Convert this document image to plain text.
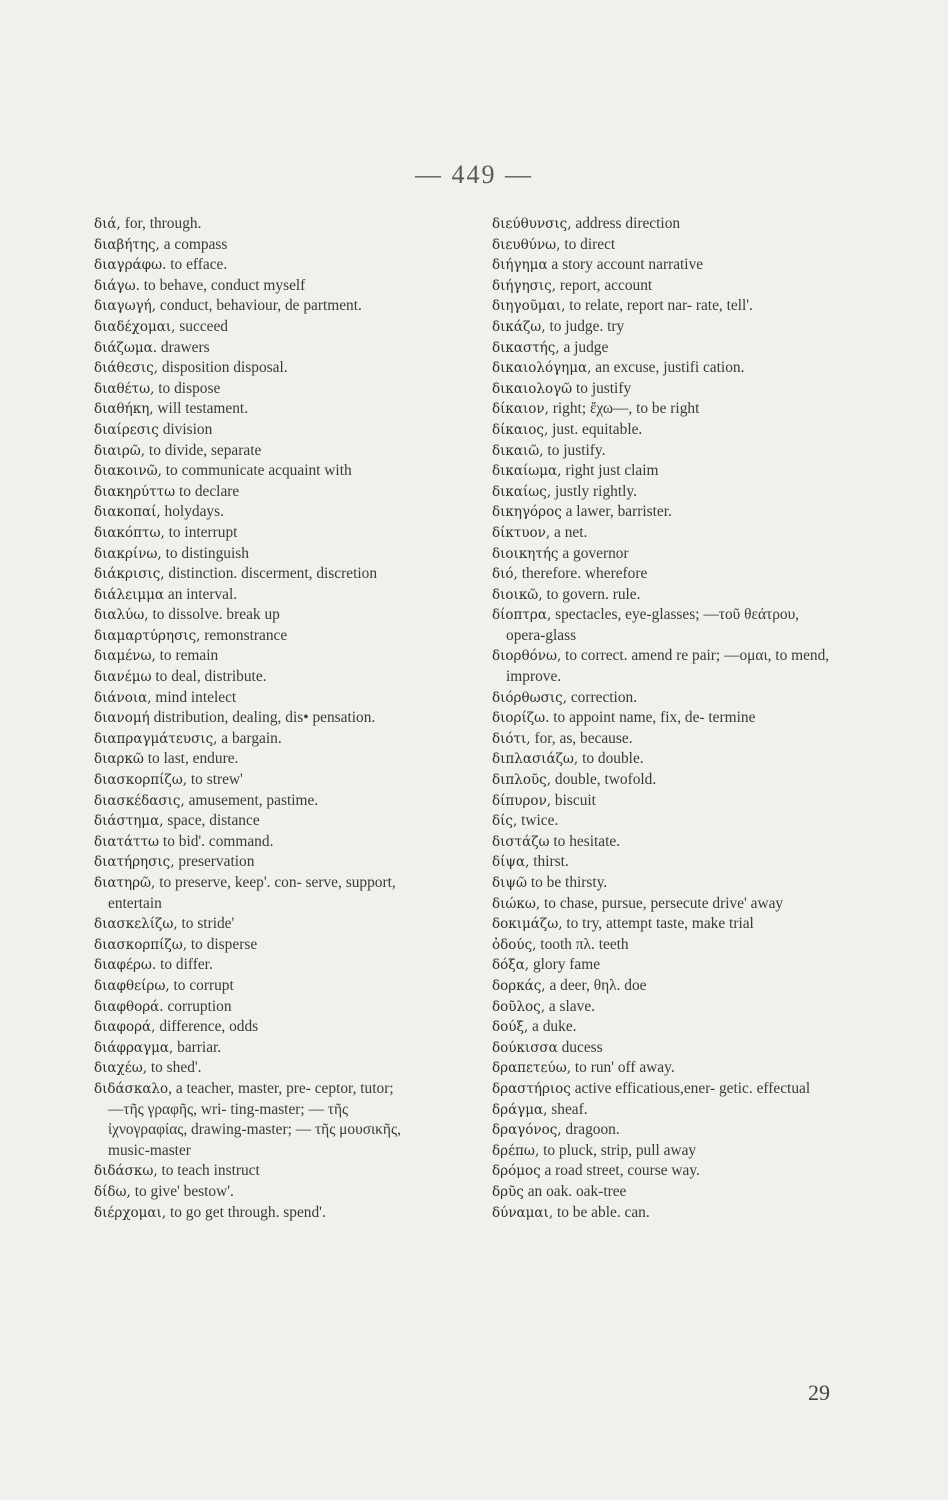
— 449 —
διά, for, through.
διαβήτης, a compass
διαγράφω. to efface.
διάγω. to behave, conduct myself
διαγωγή, conduct, behaviour, de partment.
διαδέχομαι, succeed
διάζωμα. drawers
διάθεσις, disposition disposal.
διαθέτω, to dispose
διαθήκη, will testament.
διαίρεσις division
διαιρῶ, to divide, separate
διακοινῶ, to communicate acquaint with
διακηρύττω to declare
διακοπαί, holydays.
διακόπτω, to interrupt
διακρίνω, to distinguish
διάκρισις, distinction. discerment, discretion
διάλειμμα an interval.
διαλύω, to dissolve. break up
διαμαρτύρησις, remonstrance
διαμένω, to remain
διανέμω to deal, distribute.
διάνοια, mind intelect
διανομή distribution, dealing, dis• pensation.
διαπραγμάτευσις, a bargain.
διαρκῶ to last, endure.
διασκορπίζω, to strew'
διασκέδασις, amusement, pastime.
διάστημα, space, distance
διατάττω to bid'. command.
διατήρησις, preservation
διατηρῶ, to preserve, keep'. con- serve, support, entertain
διασκελίζω, to stride'
διασκορπίζω, to disperse
διαφέρω. to differ.
διαφθείρω, to corrupt
διαφθορά. corruption
διαφορά, difference, odds
διάφραγμα, barriar.
διαχέω, to shed'.
διδάσκαλο, a teacher, master, pre- ceptor, tutor; —τῆς γραφῆς, wri- ting-master; — τῆς ἰχνογραφίας, drawing-master; — τῆς μουσικῆς, music-master
διδάσκω, to teach instruct
δίδω, to give' bestow'.
διέρχομαι, to go get through. spend'.
διεύθυνσις, address direction
διευθύνω, to direct
διήγημα a story account narrative
διήγησις, report, account
διηγοῦμαι, to relate, report nar- rate, tell'.
δικάζω, to judge. try
δικαστής, a judge
δικαιολόγημα, an excuse, justifi cation.
δικαιολογῶ to justify
δίκαιον, right; ἔχω—, to be right
δίκαιος, just. equitable.
δικαιῶ, to justify.
δικαίωμα, right just claim
δικαίως, justly rightly.
δικηγόρος a lawer, barrister.
δίκτυον, a net.
διοικητής a governor
διό, therefore. wherefore
διοικῶ, to govern. rule.
δίοπτρα, spectacles, eye-glasses; —τοῦ θεάτρου, opera-glass
διορθόνω, to correct. amend re pair; —ομαι, to mend, improve.
διόρθωσις, correction.
διορίζω. to appoint name, fix, de- termine
διότι, for, as, because.
διπλασιάζω, to double.
διπλοῦς, double, twofold.
δίπυρον, biscuit
δίς, twice.
διστάζω to hesitate.
δίψα, thirst.
διψῶ to be thirsty.
διώκω, to chase, pursue, persecute drive' away
δοκιμάζω, to try, attempt taste, make trial
ὀδούς, tooth πλ. teeth
δόξα, glory fame
δορκάς, a deer, θηλ. doe
δοῦλος, a slave.
δούξ, a duke.
δούκισσα ducess
δραπετεύω, to run' off away.
δραστήριος active efficatious,ener- getic. effectual
δράγμα, sheaf.
δραγόνος, dragoon.
δρέπω, to pluck, strip, pull away
δρόμος a road street, course way.
δρῦς an oak. oak-tree
δύναμαι, to be able. can.
29
